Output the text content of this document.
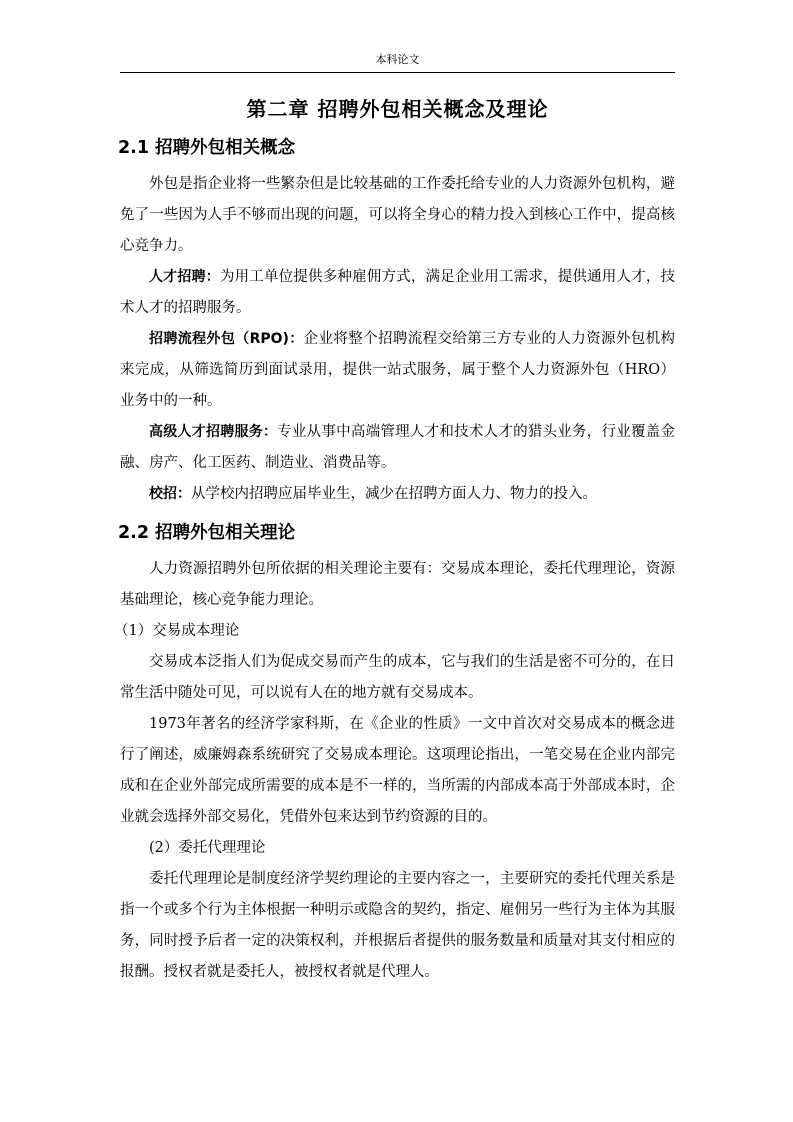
本科论文
第二章 招聘外包相关概念及理论
2.1 招聘外包相关概念

外包是指企业将一些繁杂但是比较基础的工作委托给专业的人力资源外包机构，避免了一些因为人手不够而出现的问题，可以将全身心的精力投入到核心工作中，提高核心竞争力。

人才招聘：为用工单位提供多种雇佣方式，满足企业用工需求，提供通用人才，技术人才的招聘服务。

招聘流程外包（RPO)：企业将整个招聘流程交给第三方专业的人力资源外包机构来完成，从筛选简历到面试录用，提供一站式服务，属于整个人力资源外包（HRO）业务中的一种。

高级人才招聘服务：专业从事中高端管理人才和技术人才的猎头业务，行业覆盖金融、房产、化工医药、制造业、消费品等。

校招：从学校内招聘应届毕业生，减少在招聘方面人力、物力的投入。

2.2 招聘外包相关理论

人力资源招聘外包所依据的相关理论主要有：交易成本理论，委托代理理论，资源基础理论，核心竞争能力理论。

（1）交易成本理论

交易成本泛指人们为促成交易而产生的成本，它与我们的生活是密不可分的，在日常生活中随处可见，可以说有人在的地方就有交易成本。

1973年著名的经济学家科斯，在《企业的性质》一文中首次对交易成本的概念进行了阐述，威廉姆森系统研究了交易成本理论。这项理论指出，一笔交易在企业内部完成和在企业外部完成所需要的成本是不一样的，当所需的内部成本高于外部成本时，企业就会选择外部交易化，凭借外包来达到节约资源的目的。

(2）委托代理理论

委托代理理论是制度经济学契约理论的主要内容之一，主要研究的委托代理关系是指一个或多个行为主体根据一种明示或隐含的契约，指定、雇佣另一些行为主体为其服务，同时授予后者一定的决策权利，并根据后者提供的服务数量和质量对其支付相应的报酬。授权者就是委托人，被授权者就是代理人。
